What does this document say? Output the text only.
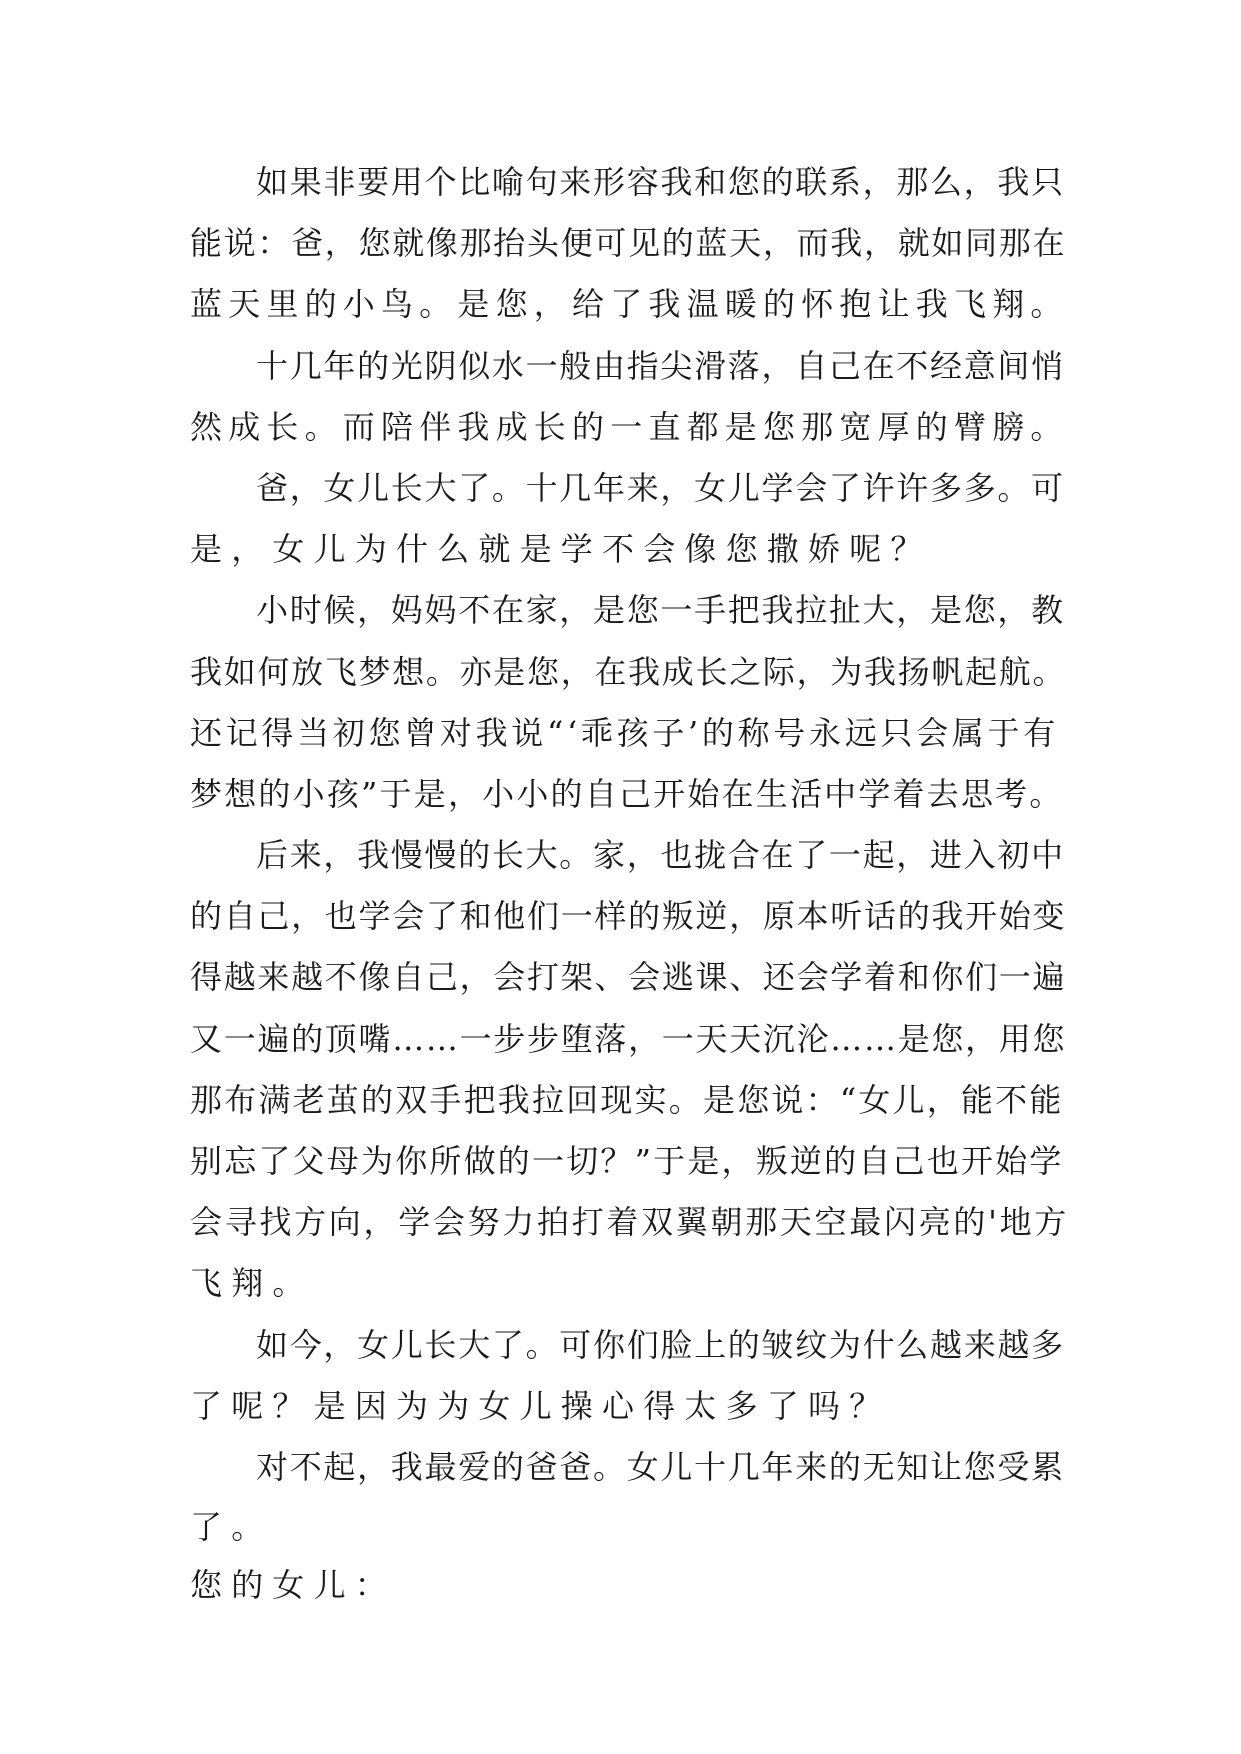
如果非要用个比喻句来形容我和您的联系，那么，我只
能说：爸，您就像那抬头便可见的蓝天，而我，就如同那在
蓝天里的小鸟。是您，给了我温暖的怀抱让我飞翔。
十几年的光阴似水一般由指尖滑落，自己在不经意间悄
然成长。而陪伴我成长的一直都是您那宽厚的臂膀。
爸，女儿长大了。十几年来，女儿学会了许许多多。可
是，女儿为什么就是学不会像您撒娇呢？
小时候，妈妈不在家，是您一手把我拉扯大，是您，教
我如何放飞梦想。亦是您，在我成长之际，为我扬帆起航。
还记得当初您曾对我说“‘乖孩子’的称号永远只会属于有
梦想的小孩”于是，小小的自己开始在生活中学着去思考。
后来，我慢慢的长大。家，也拢合在了一起，进入初中
的自己，也学会了和他们一样的叛逆，原本听话的我开始变
得越来越不像自己，会打架、会逃课、还会学着和你们一遍
又一遍的顶嘴……一步步堕落，一天天沉沦……是您，用您
那布满老茧的双手把我拉回现实。是您说：“女儿，能不能
别忘了父母为你所做的一切？”于是，叛逆的自己也开始学
会寻找方向，学会努力拍打着双翼朝那天空最闪亮的'地方
飞翔。
如今，女儿长大了。可你们脸上的皱纹为什么越来越多
了呢？是因为为女儿操心得太多了吗？
对不起，我最爱的爸爸。女儿十几年来的无知让您受累
了。
您的女儿：
